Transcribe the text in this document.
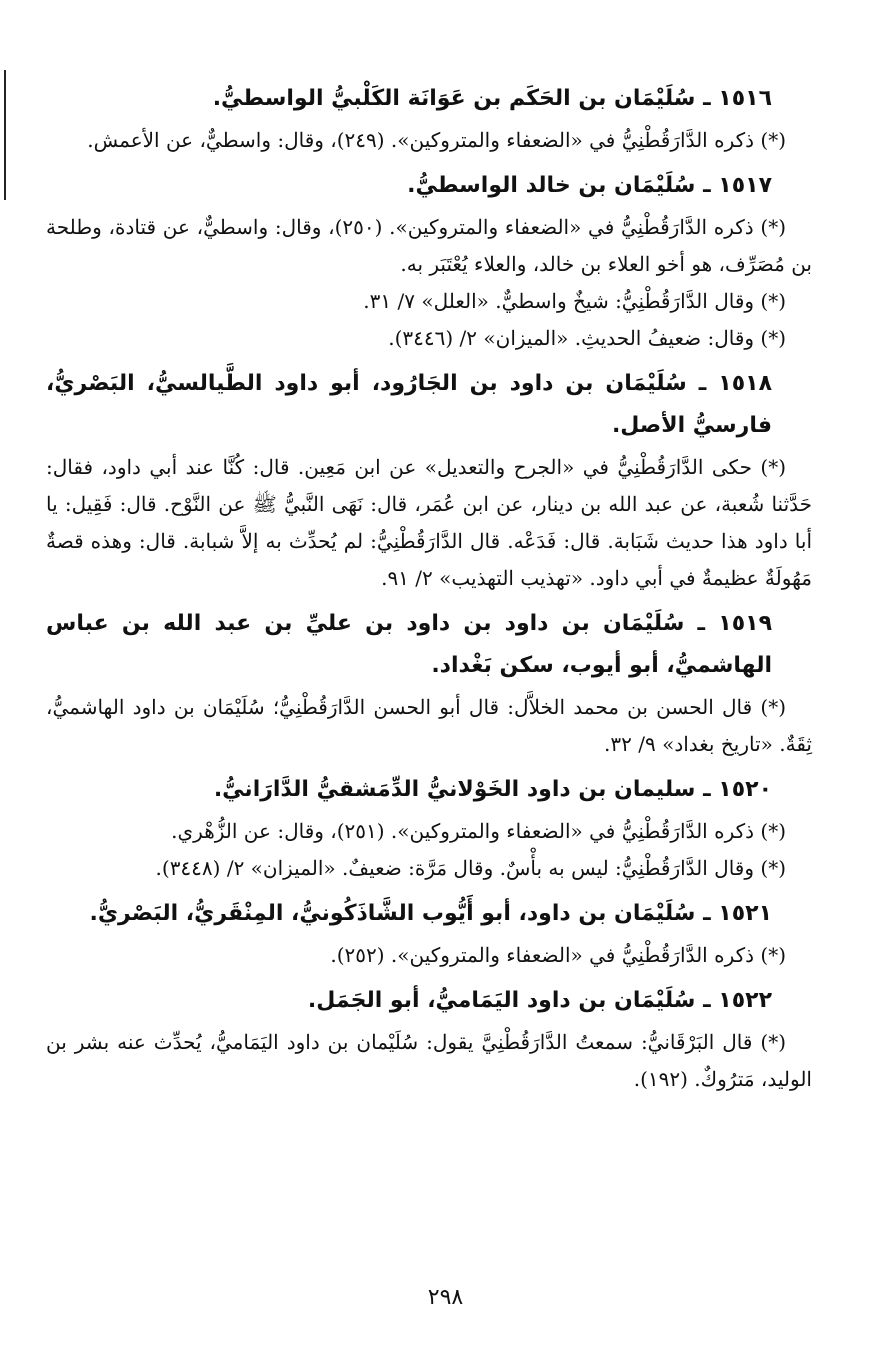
١٥١٦ ـ سُلَيْمَان بن الحَكَم بن عَوَانَة الكَلْبيُّ الواسطيُّ.

(*) ذكره الدَّارَقُطْنِيُّ في «الضعفاء والمتروكين». (٢٤٩)، وقال: واسطيٌّ، عن الأعمش.

١٥١٧ ـ سُلَيْمَان بن خالد الواسطيُّ.

(*) ذكره الدَّارَقُطْنِيُّ في «الضعفاء والمتروكين». (٢٥٠)، وقال: واسطيٌّ، عن قتادة، وطلحة بن مُصَرِّف، هو أخو العلاء بن خالد، والعلاء يُعْتَبَر به.

(*) وقال الدَّارَقُطْنِيُّ: شيخٌ واسطيٌّ. «العلل» ٧/ ٣١.

(*) وقال: ضعيفُ الحديثِ. «الميزان» ٢/ (٣٤٤٦).

١٥١٨ ـ سُلَيْمَان بن داود بن الجَارُود، أبو داود الطَّيالسيُّ، البَصْريُّ، فارسيُّ الأصل.

(*) حكى الدَّارَقُطْنِيُّ في «الجرح والتعديل» عن ابن مَعِين. قال: كُنَّا عند أبي داود، فقال: حَدَّثنا شُعبة، عن عبد الله بن دينار، عن ابن عُمَر، قال: نَهَى النَّبيُّ ﷺ عن النَّوْح. قال: فَقِيل: يا أبا داود هذا حديث شَبَابة. قال: فَدَعْه. قال الدَّارَقُطْنِيُّ: لم يُحدِّث به إلاَّ شبابة. قال: وهذه قصةٌ مَهُولَةٌ عظيمةٌ في أبي داود. «تهذيب التهذيب» ٢/ ٩١.

١٥١٩ ـ سُلَيْمَان بن داود بن داود بن عليِّ بن عبد الله بن عباس الهاشميُّ، أبو أيوب، سكن بَغْداد.

(*) قال الحسن بن محمد الخلاَّل: قال أبو الحسن الدَّارَقُطْنِيُّ؛ سُلَيْمَان بن داود الهاشميُّ، ثِقَةٌ. «تاريخ بغداد» ٩/ ٣٢.

١٥٢٠ ـ سليمان بن داود الخَوْلانيُّ الدِّمَشقيُّ الدَّارَانيُّ.

(*) ذكره الدَّارَقُطْنِيُّ في «الضعفاء والمتروكين». (٢٥١)، وقال: عن الزُّهْري.

(*) وقال الدَّارَقُطْنِيُّ: ليس به بأْسٌ. وقال مَرَّة: ضعيفٌ. «الميزان» ٢/ (٣٤٤٨).

١٥٢١ ـ سُلَيْمَان بن داود، أبو أَيُّوب الشَّاذَكُونيُّ، المِنْقَريُّ، البَصْريُّ.

(*) ذكره الدَّارَقُطْنِيُّ في «الضعفاء والمتروكين». (٢٥٢).

١٥٢٢ ـ سُلَيْمَان بن داود اليَمَاميُّ، أبو الجَمَل.

(*) قال البَرْقَانيُّ: سمعتُ الدَّارَقُطْنِيَّ يقول: سُلَيْمان بن داود اليَمَاميُّ، يُحدِّث عنه بشر بن الوليد، مَترُوكٌ. (١٩٢).

٢٩٨
